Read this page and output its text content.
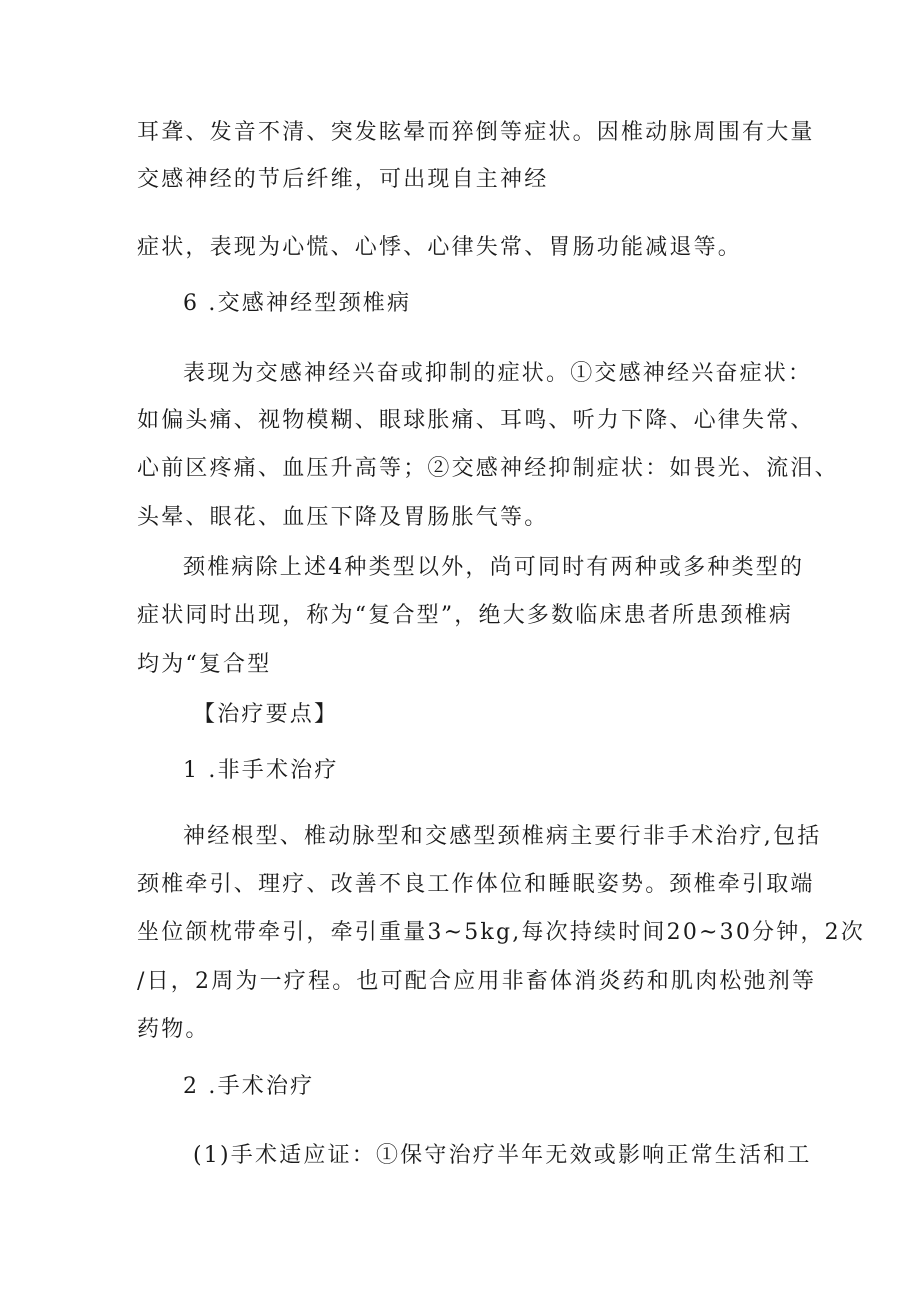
耳聋、发音不清、突发眩晕而猝倒等症状。因椎动脉周围有大量
交感神经的节后纤维，可出现自主神经
症状，表现为心慌、心悸、心律失常、胃肠功能减退等。
6 .交感神经型颈椎病
表现为交感神经兴奋或抑制的症状。①交感神经兴奋症状：
如偏头痛、视物模糊、眼球胀痛、耳鸣、听力下降、心律失常、
心前区疼痛、血压升高等；②交感神经抑制症状：如畏光、流泪、
头晕、眼花、血压下降及胃肠胀气等。
颈椎病除上述4种类型以外，尚可同时有两种或多种类型的
症状同时出现，称为“复合型”，绝大多数临床患者所患颈椎病
均为“复合型
【治疗要点】
1 .非手术治疗
神经根型、椎动脉型和交感型颈椎病主要行非手术治疗,包括
颈椎牵引、理疗、改善不良工作体位和睡眠姿势。颈椎牵引取端
坐位颌枕带牵引，牵引重量3~5kg,每次持续时间20~30分钟，2次
/日，2周为一疗程。也可配合应用非畜体消炎药和肌肉松弛剂等
药物。
2 .手术治疗
(1)手术适应证：①保守治疗半年无效或影响正常生活和工
